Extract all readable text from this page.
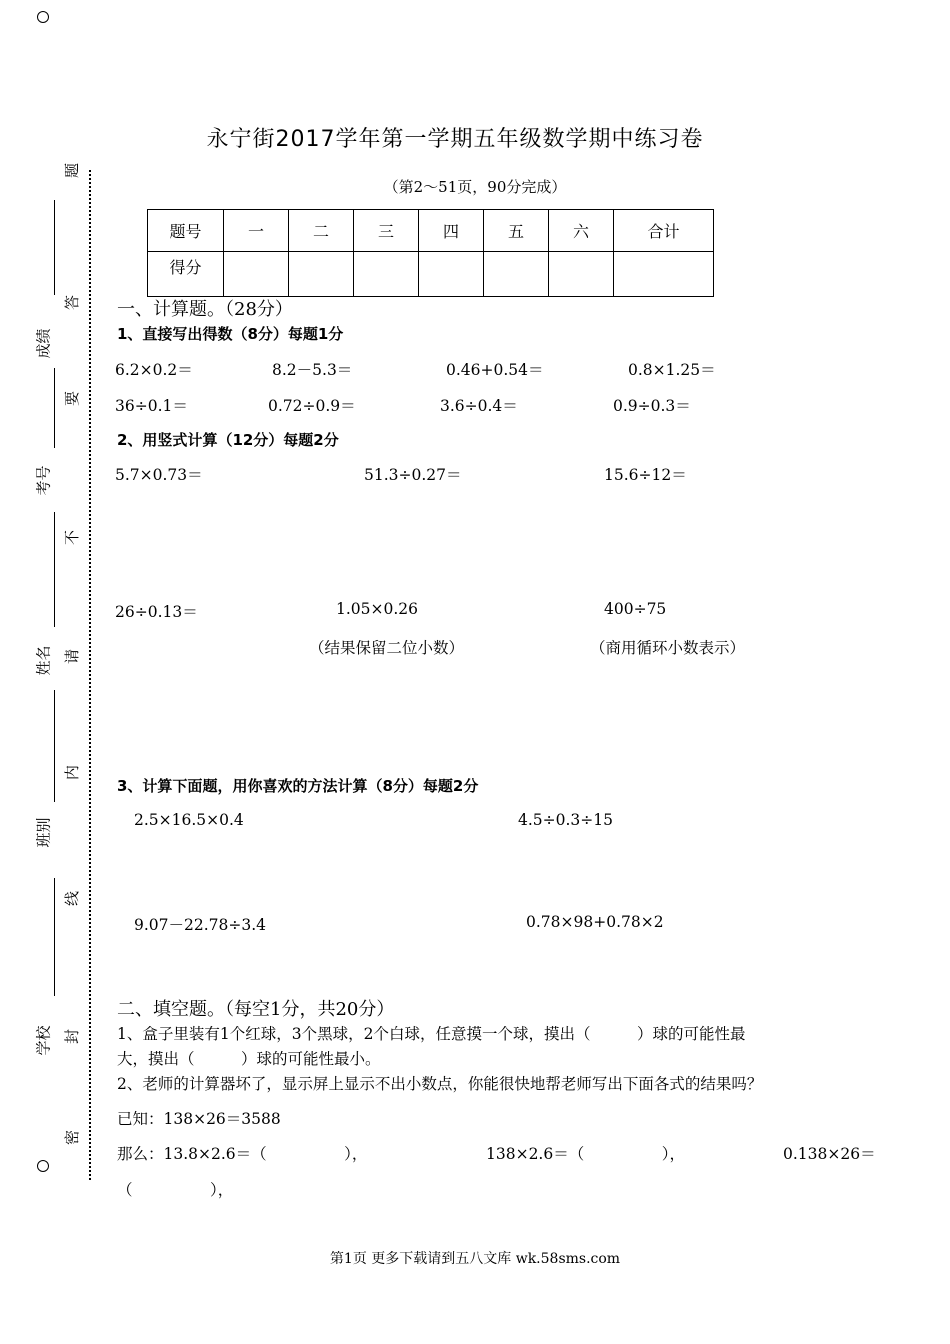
学校
班别
姓名
考号
成绩
密
封
线
内
请
不
要
答
题
永宁街2017学年第一学期五年级数学期中练习卷
（第2～51页，90分完成）
题号	一	二	三	四	五	六	合计
得分							
一、计算题。（28分）
1、直接写出得数（8分）每题1分
6.2×0.2＝	8.2－5.3＝	0.46+0.54＝	0.8×1.25＝
36÷0.1＝	0.72÷0.9＝	3.6÷0.4＝	0.9÷0.3＝
2、用竖式计算（12分）每题2分
5.7×0.73＝	51.3÷0.27＝	15.6÷12＝
26÷0.13＝	1.05×0.26	400÷75
（结果保留二位小数）	（商用循环小数表示）
3、计算下面题，用你喜欢的方法计算（8分）每题2分
2.5×16.5×0.4	4.5÷0.3÷15
9.07－22.78÷3.4	0.78×98+0.78×2
二、填空题。（每空1分，共20分）
1、盒子里装有1个红球，3个黑球，2个白球，任意摸一个球，摸出（　　　）球的可能性最
大，摸出（　　　）球的可能性最小。
2、老师的计算器坏了，显示屏上显示不出小数点，你能很快地帮老师写出下面各式的结果吗？
已知：138×26＝3588
那么：13.8×2.6＝（　　　　　），	138×2.6＝（　　　　　），	0.138×26＝
（　　　　　），
第1页 更多下载请到五八文库 wk.58sms.com
